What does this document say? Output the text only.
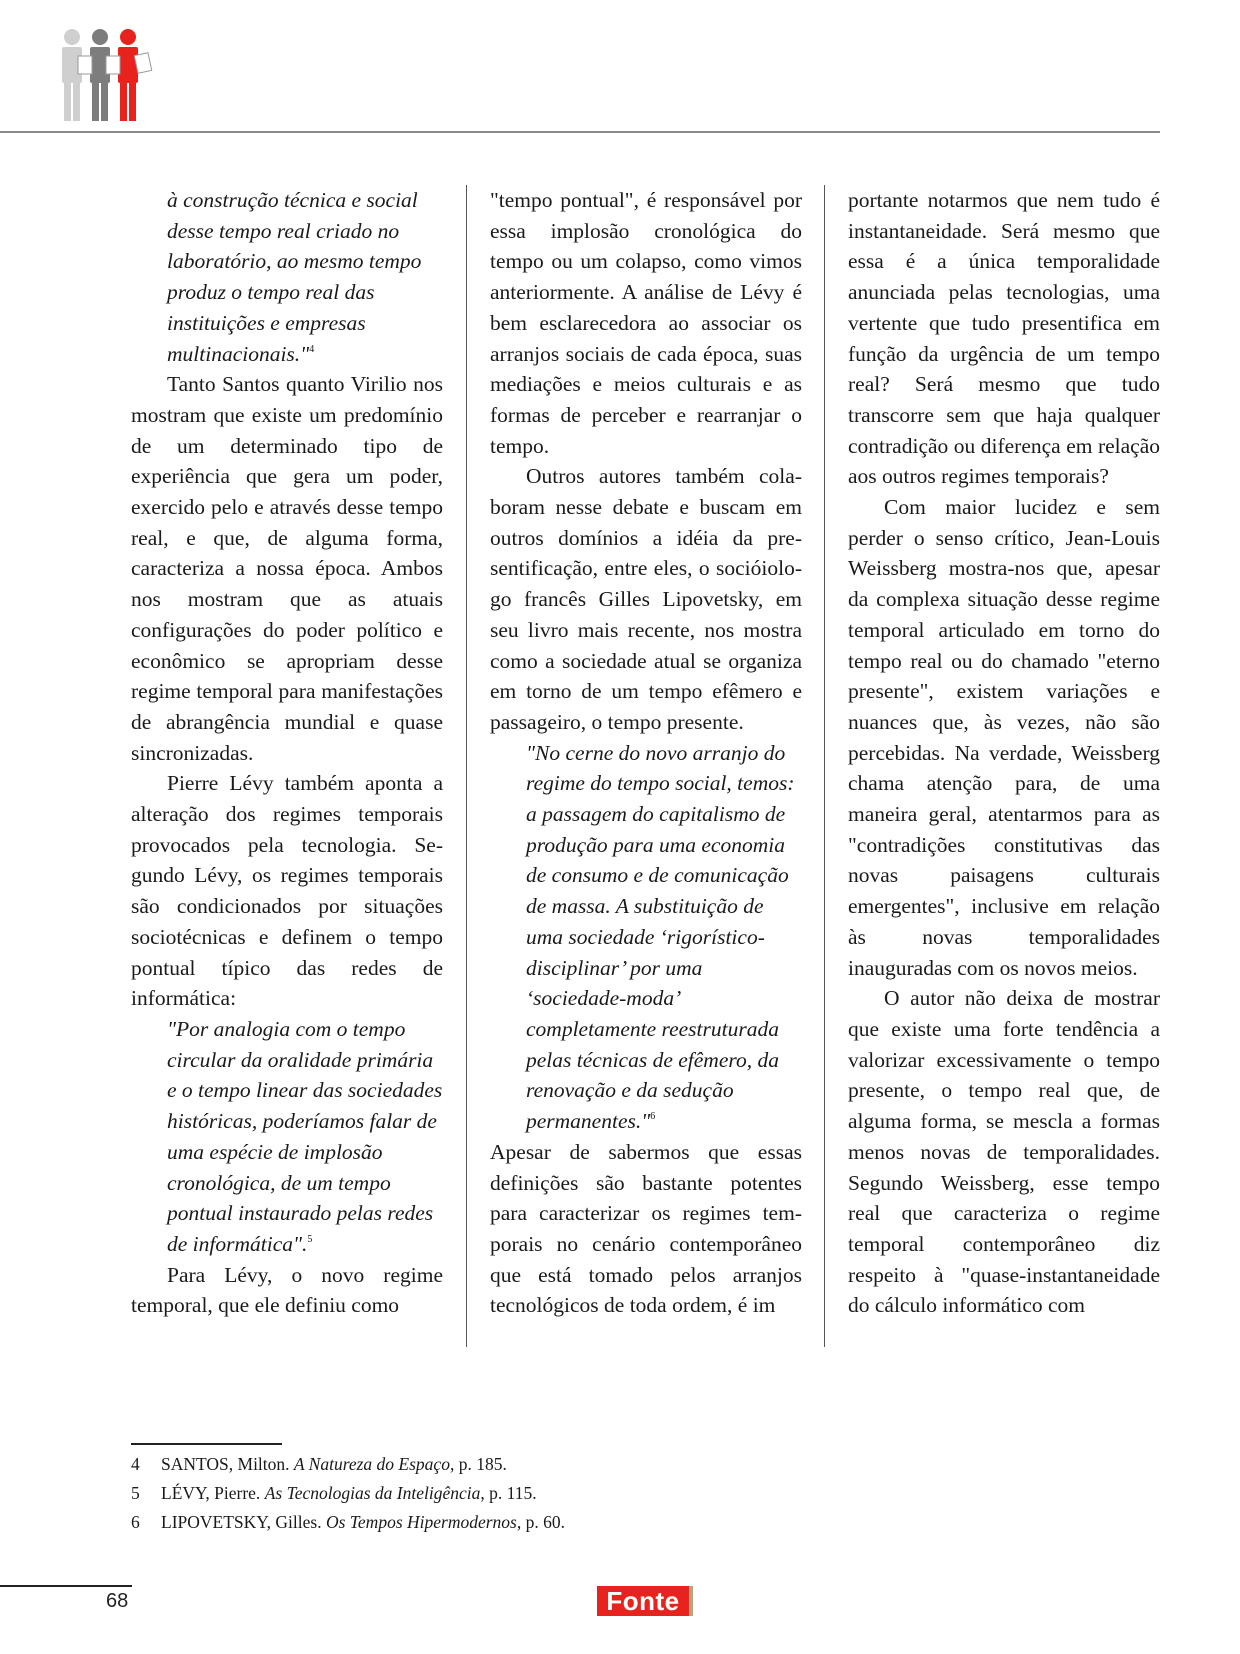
à construção técnica e social desse tempo real criado no laboratório, ao mesmo tempo produz o tempo real das instituições e empresas multinacionais."$^4$

Tanto Santos quanto Virilio nos mostram que existe um predomínio de um determinado tipo de experiência que gera um poder, exercido pelo e através desse tempo real, e que, de alguma forma, caracteriza a nossa época. Ambos nos mostram que as atuais configurações do poder político e econômico se apropriam desse regime temporal para manifestações de abrangência mundial e quase sincronizadas.

Pierre Lévy também aponta a alteração dos regimes temporais provocados pela tecnologia. Segundo Lévy, os regimes temporais são condicionados por situações sociotécnicas e definem o tempo pontual típico das redes de informática:

"Por analogia com o tempo circular da oralidade primária e o tempo linear das sociedades históricas, poderíamos falar de uma espécie de implosão cronológica, de um tempo pontual instaurado pelas redes de informática".$^5$

Para Lévy, o novo regime temporal, que ele definiu como

"tempo pontual", é responsável por essa implosão cronológica do tempo ou um colapso, como vimos anteriormente. A análise de Lévy é bem esclarecedora ao associar os arranjos sociais de cada época, suas mediações e meios culturais e as formas de perceber e rearranjar o tempo.

Outros autores também colaboram nesse debate e buscam em outros domínios a idéia da presentificação, entre eles, o socióiologo francês Gilles Lipovetsky, em seu livro mais recente, nos mostra como a sociedade atual se organiza em torno de um tempo efêmero e passageiro, o tempo presente.

"No cerne do novo arranjo do regime do tempo social, temos: a passagem do capitalismo de produção para uma economia de consumo e de comunicação de massa. A substituição de uma sociedade ‘rigorístico-disciplinar’ por uma ‘sociedade-moda’ completamente reestruturada pelas técnicas de efêmero, da renovação e da sedução permanentes."$^6$

Apesar de sabermos que essas definições são bastante potentes para caracterizar os regimes temporais no cenário contemporâneo que está tomado pelos arranjos tecnológicos de toda ordem, é im

portante notarmos que nem tudo é instantaneidade. Será mesmo que essa é a única temporalidade anunciada pelas tecnologias, uma vertente que tudo presentifica em função da urgência de um tempo real? Será mesmo que tudo transcorre sem que haja qualquer contradição ou diferença em relação aos outros regimes temporais?

Com maior lucidez e sem perder o senso crítico, Jean-Louis Weissberg mostra-nos que, apesar da complexa situação desse regime temporal articulado em torno do tempo real ou do chamado "eterno presente", existem variações e nuances que, às vezes, não são percebidas. Na verdade, Weissberg chama atenção para, de uma maneira geral, atentarmos para as "contradições constitutivas das novas paisagens culturais emergentes", inclusive em relação às novas temporalidades inauguradas com os novos meios.

O autor não deixa de mostrar que existe uma forte tendência a valorizar excessivamente o tempo presente, o tempo real que, de alguma forma, se mescla a formas menos novas de temporalidades. Segundo Weissberg, esse tempo real que caracteriza o regime temporal contemporâneo diz respeito à "quase-instantaneidade do cálculo informático com

4	SANTOS, Milton. A Natureza do Espaço, p. 185.
5	LÉVY, Pierre. As Tecnologias da Inteligência, p. 115.
6	LIPOVETSKY, Gilles. Os Tempos Hipermodernos, p. 60.
68	Fonte
